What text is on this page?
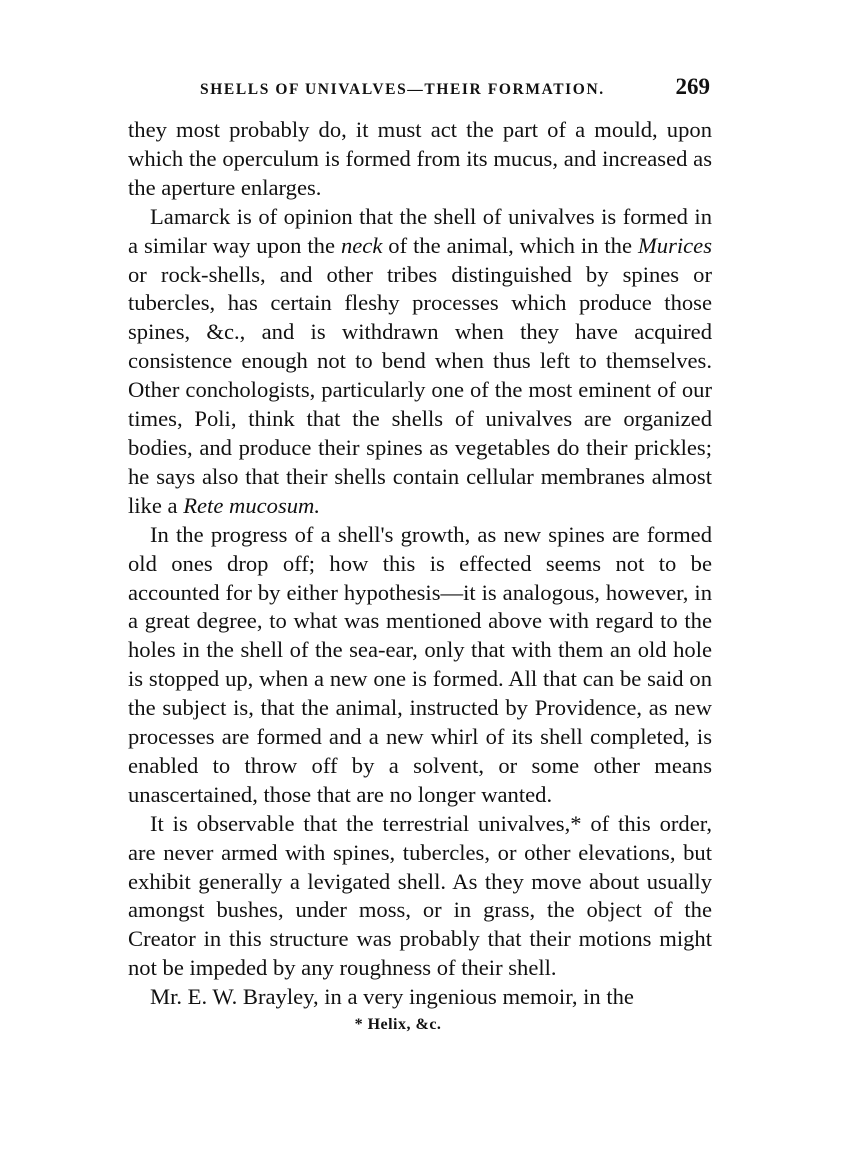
SHELLS OF UNIVALVES—THEIR FORMATION.	269

they most probably do, it must act the part of a mould, upon which the operculum is formed from its mucus, and increased as the aperture enlarges.

Lamarck is of opinion that the shell of univalves is formed in a similar way upon the neck of the animal, which in the Murices or rock-shells, and other tribes distinguished by spines or tubercles, has certain fleshy processes which produce those spines, &c., and is withdrawn when they have acquired consistence enough not to bend when thus left to themselves. Other conchologists, particularly one of the most eminent of our times, Poli, think that the shells of univalves are organized bodies, and produce their spines as vegetables do their prickles; he says also that their shells contain cellular membranes almost like a Rete mucosum.

In the progress of a shell's growth, as new spines are formed old ones drop off; how this is effected seems not to be accounted for by either hypothesis—it is analogous, however, in a great degree, to what was mentioned above with regard to the holes in the shell of the sea-ear, only that with them an old hole is stopped up, when a new one is formed. All that can be said on the subject is, that the animal, instructed by Providence, as new processes are formed and a new whirl of its shell completed, is enabled to throw off by a solvent, or some other means unascertained, those that are no longer wanted.

It is observable that the terrestrial univalves,* of this order, are never armed with spines, tubercles, or other elevations, but exhibit generally a levigated shell. As they move about usually amongst bushes, under moss, or in grass, the object of the Creator in this structure was probably that their motions might not be impeded by any roughness of their shell.

Mr. E. W. Brayley, in a very ingenious memoir, in the

* Helix, &c.
